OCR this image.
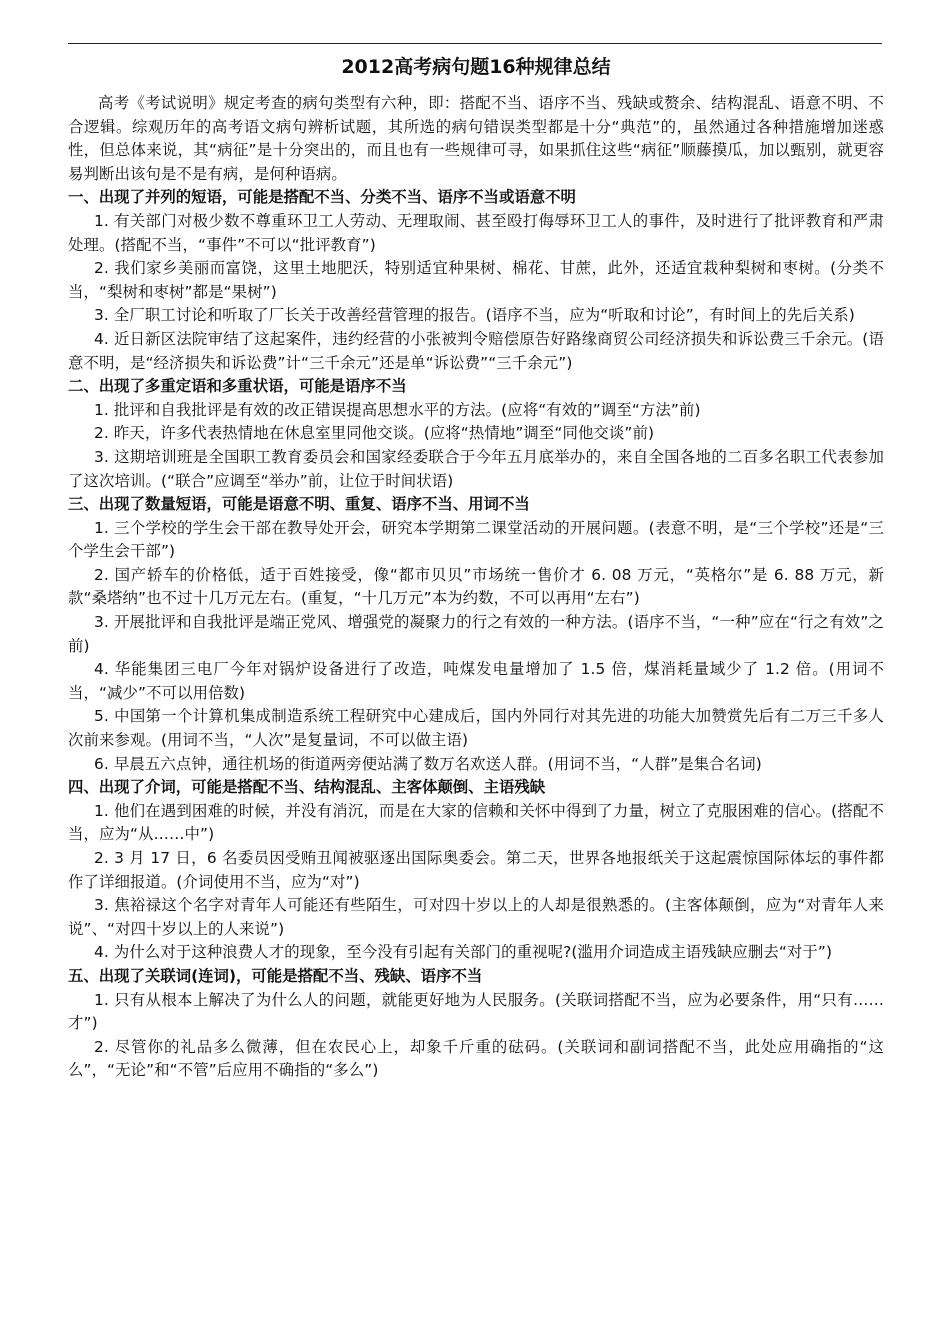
2012高考病句题16种规律总结

高考《考试说明》规定考查的病句类型有六种，即：搭配不当、语序不当、残缺或赘余、结构混乱、语意不明、不合逻辑。综观历年的高考语文病句辨析试题，其所选的病句错误类型都是十分“典范”的，虽然通过各种措施增加迷惑性，但总体来说，其“病征”是十分突出的，而且也有一些规律可寻，如果抓住这些“病征”顺藤摸瓜，加以甄别，就更容易判断出该句是不是有病，是何种语病。

一、出现了并列的短语，可能是搭配不当、分类不当、语序不当或语意不明

1. 有关部门对极少数不尊重环卫工人劳动、无理取闹、甚至殴打侮辱环卫工人的事件，及时进行了批评教育和严肃处理。(搭配不当，“事件”不可以“批评教育”)

2. 我们家乡美丽而富饶，这里土地肥沃，特别适宜种果树、棉花、甘蔗，此外，还适宜栽种梨树和枣树。(分类不当，“梨树和枣树”都是“果树”)

3. 全厂职工讨论和听取了厂长关于改善经营管理的报告。(语序不当，应为“听取和讨论”，有时间上的先后关系)

4. 近日新区法院审结了这起案件，违约经营的小张被判令赔偿原告好路缘商贸公司经济损失和诉讼费三千余元。(语意不明，是“经济损失和诉讼费”计“三千余元”还是单“诉讼费”“三千余元”)

二、出现了多重定语和多重状语，可能是语序不当

1. 批评和自我批评是有效的改正错误提高思想水平的方法。(应将“有效的”调至“方法”前)

2. 昨天，许多代表热情地在休息室里同他交谈。(应将“热情地”调至“同他交谈”前)

3. 这期培训班是全国职工教育委员会和国家经委联合于今年五月底举办的，来自全国各地的二百多名职工代表参加了这次培训。(“联合”应调至“举办”前，让位于时间状语)

三、出现了数量短语，可能是语意不明、重复、语序不当、用词不当

1. 三个学校的学生会干部在教导处开会，研究本学期第二课堂活动的开展问题。(表意不明，是“三个学校”还是“三个学生会干部”)

2. 国产轿车的价格低，适于百姓接受，像“都市贝贝”市场统一售价才 6. 08 万元，“英格尔”是 6. 88 万元，新款“桑塔纳”也不过十几万元左右。(重复，“十几万元”本为约数，不可以再用“左右”)

3. 开展批评和自我批评是端正党风、增强党的凝聚力的行之有效的一种方法。(语序不当，“一种”应在“行之有效”之前)

4. 华能集团三电厂今年对锅炉设备进行了改造，吨煤发电量增加了 1.5 倍，煤消耗量域少了 1.2 倍。(用词不当，“减少”不可以用倍数)

5. 中国第一个计算机集成制造系统工程研究中心建成后，国内外同行对其先进的功能大加赞赏先后有二万三千多人次前来参观。(用词不当，“人次”是复量词，不可以做主语)

6. 早晨五六点钟，通往机场的街道两旁便站满了数万名欢送人群。(用词不当，“人群”是集合名词)

四、出现了介词，可能是搭配不当、结构混乱、主客体颠倒、主语残缺

1. 他们在遇到困难的时候，并没有消沉，而是在大家的信赖和关怀中得到了力量，树立了克服困难的信心。(搭配不当，应为“从……中”)

2. 3 月 17 日，6 名委员因受贿丑闻被驱逐出国际奥委会。第二天，世界各地报纸关于这起震惊国际体坛的事件都作了详细报道。(介词使用不当，应为“对”)

3. 焦裕禄这个名字对青年人可能还有些陌生，可对四十岁以上的人却是很熟悉的。(主客体颠倒，应为“对青年人来说”、“对四十岁以上的人来说”)

4. 为什么对于这种浪费人才的现象，至今没有引起有关部门的重视呢?(滥用介词造成主语残缺应删去“对于”)

五、出现了关联词(连词)，可能是搭配不当、残缺、语序不当

1. 只有从根本上解决了为什么人的问题，就能更好地为人民服务。(关联词搭配不当，应为必要条件，用“只有……才”)

2. 尽管你的礼品多么微薄，但在农民心上，却象千斤重的砝码。(关联词和副词搭配不当，此处应用确指的“这么”，“无论”和“不管”后应用不确指的“多么”)
